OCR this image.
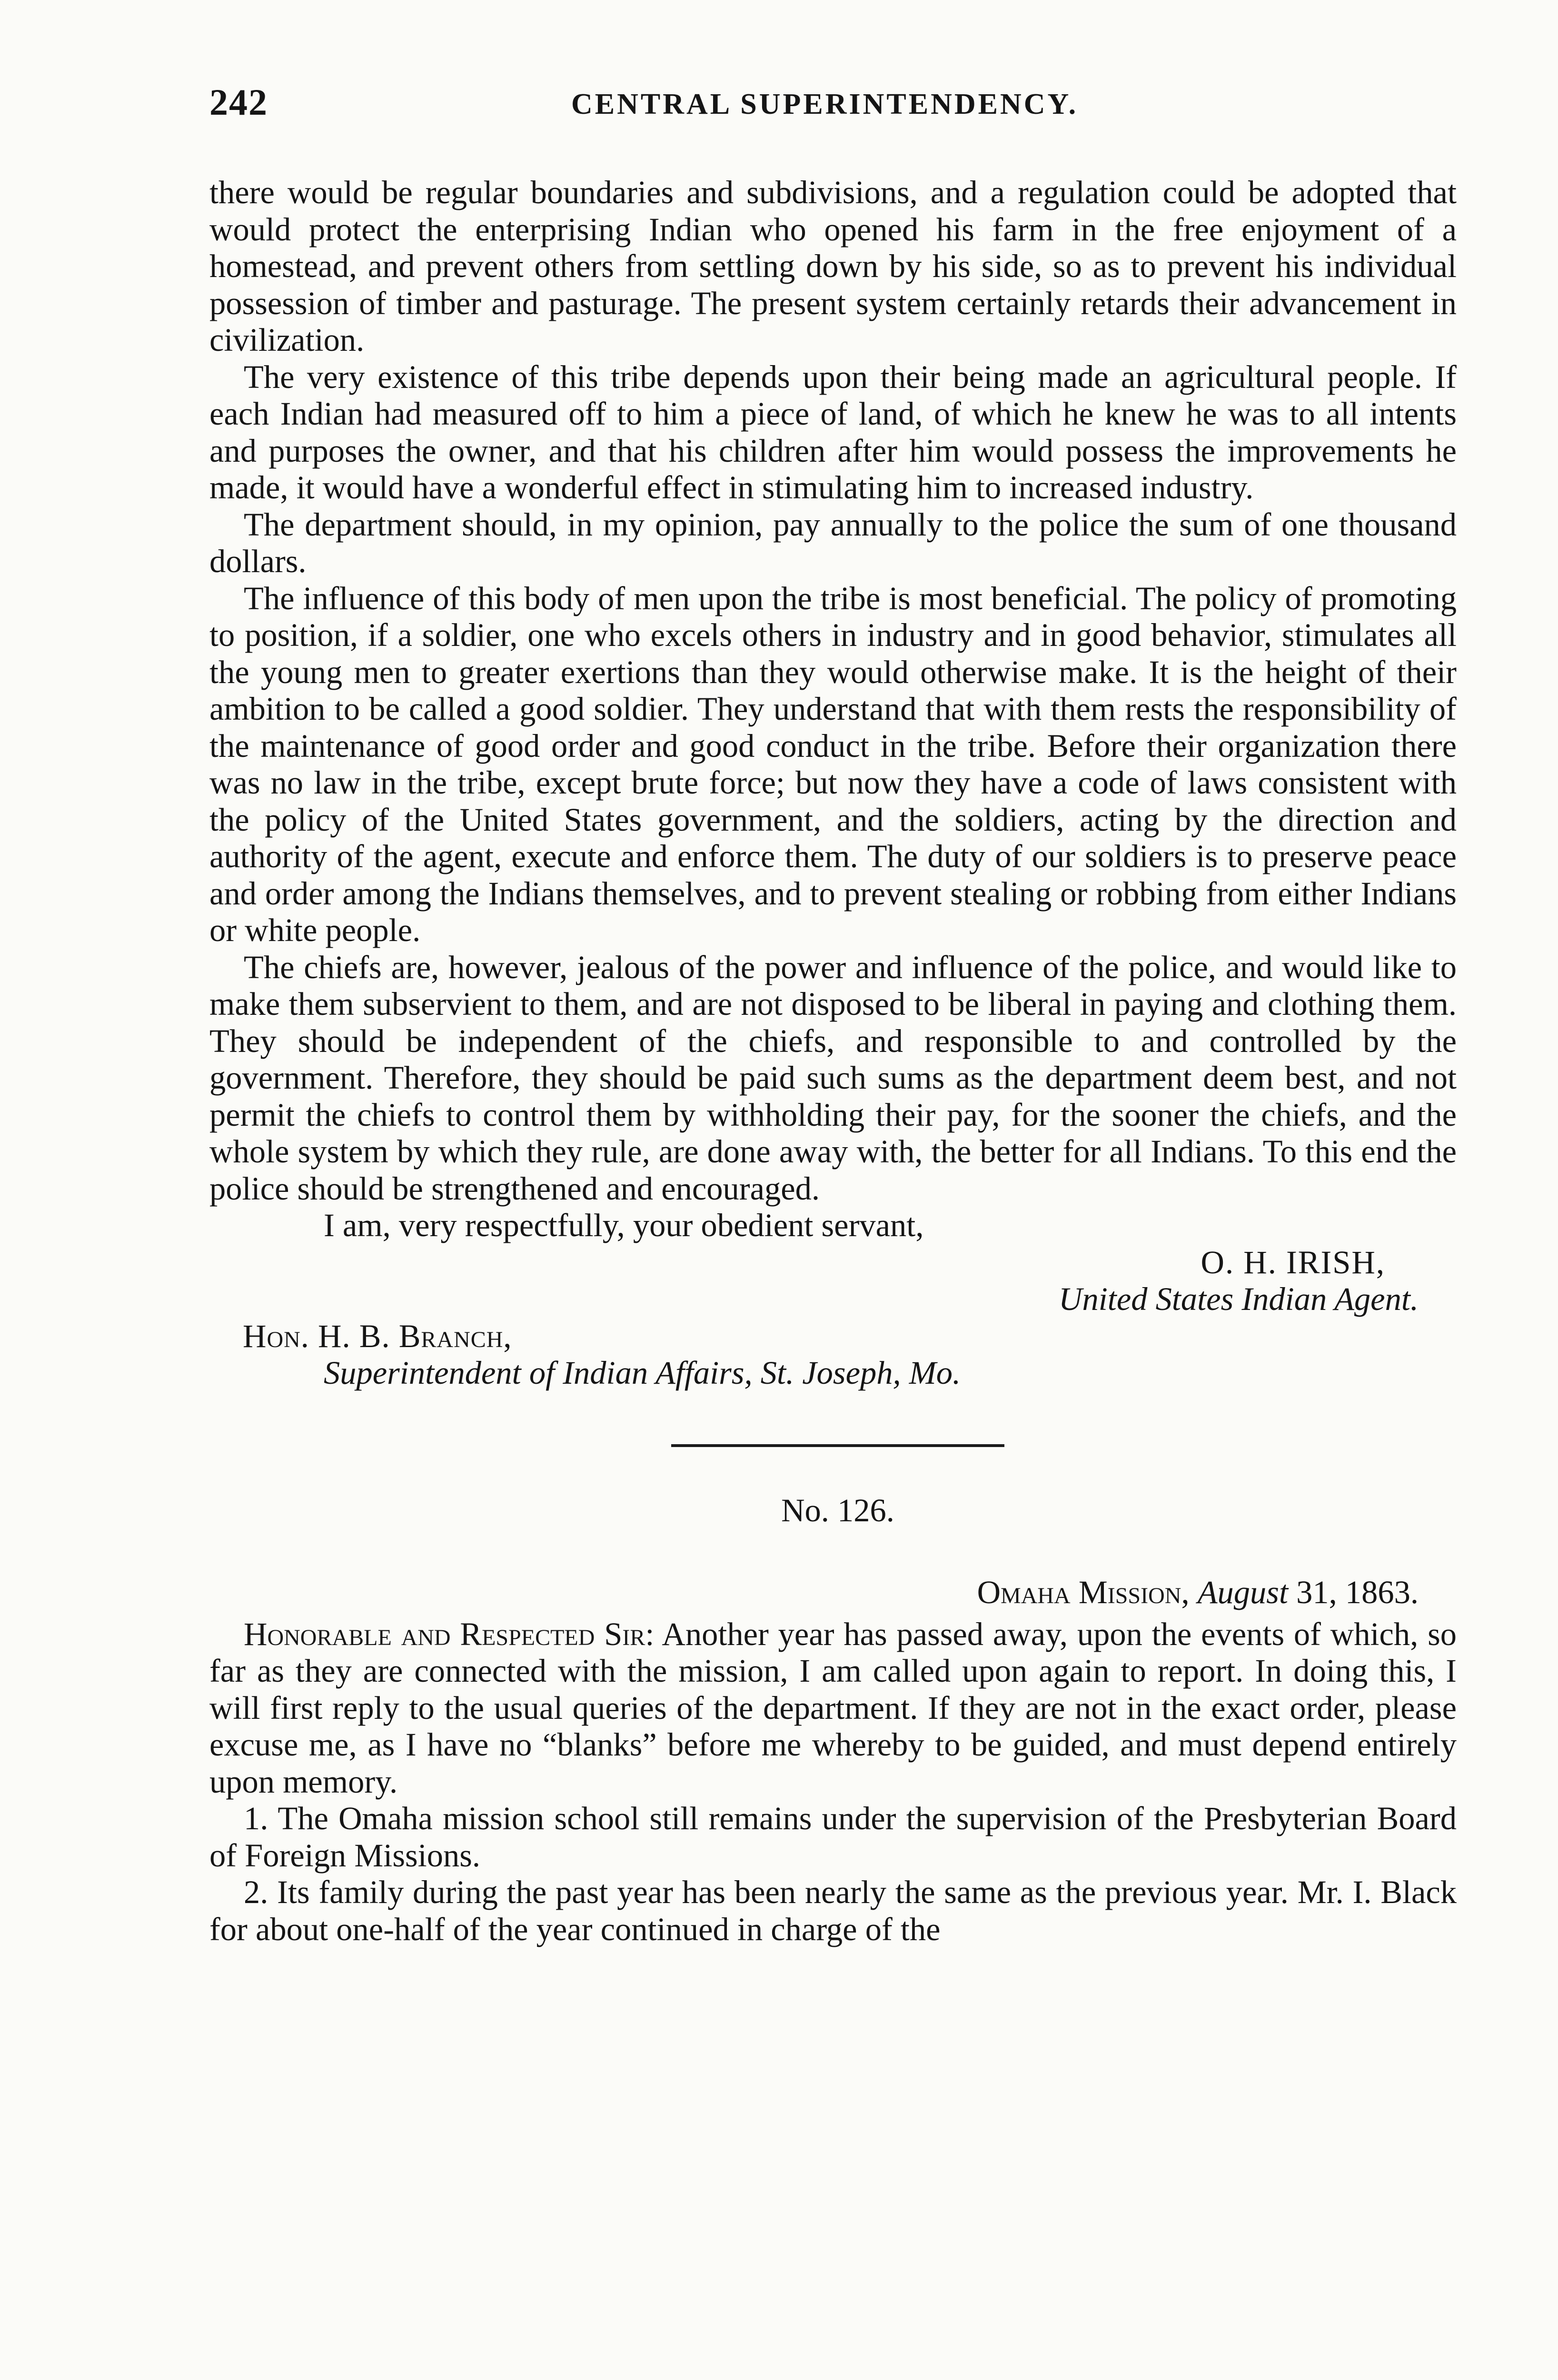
242	CENTRAL SUPERINTENDENCY.

there would be regular boundaries and subdivisions, and a regulation could be adopted that would protect the enterprising Indian who opened his farm in the free enjoyment of a homestead, and prevent others from settling down by his side, so as to prevent his individual possession of timber and pasturage. The present system certainly retards their advancement in civilization.

The very existence of this tribe depends upon their being made an agricultural people. If each Indian had measured off to him a piece of land, of which he knew he was to all intents and purposes the owner, and that his children after him would possess the improvements he made, it would have a wonderful effect in stimulating him to increased industry.

The department should, in my opinion, pay annually to the police the sum of one thousand dollars.

The influence of this body of men upon the tribe is most beneficial. The policy of promoting to position, if a soldier, one who excels others in industry and in good behavior, stimulates all the young men to greater exertions than they would otherwise make. It is the height of their ambition to be called a good soldier. They understand that with them rests the responsibility of the maintenance of good order and good conduct in the tribe. Before their organization there was no law in the tribe, except brute force; but now they have a code of laws consistent with the policy of the United States government, and the soldiers, acting by the direction and authority of the agent, execute and enforce them. The duty of our soldiers is to preserve peace and order among the Indians themselves, and to prevent stealing or robbing from either Indians or white people.

The chiefs are, however, jealous of the power and influence of the police, and would like to make them subservient to them, and are not disposed to be liberal in paying and clothing them. They should be independent of the chiefs, and responsible to and controlled by the government. Therefore, they should be paid such sums as the department deem best, and not permit the chiefs to control them by withholding their pay, for the sooner the chiefs, and the whole system by which they rule, are done away with, the better for all Indians. To this end the police should be strengthened and encouraged.

I am, very respectfully, your obedient servant,

O. H. IRISH,

United States Indian Agent.

Hon. H. B. Branch,

Superintendent of Indian Affairs, St. Joseph, Mo.

No. 126.

Omaha Mission, August 31, 1863.

Honorable and Respected Sir: Another year has passed away, upon the events of which, so far as they are connected with the mission, I am called upon again to report. In doing this, I will first reply to the usual queries of the department. If they are not in the exact order, please excuse me, as I have no “blanks” before me whereby to be guided, and must depend entirely upon memory.

1. The Omaha mission school still remains under the supervision of the Presbyterian Board of Foreign Missions.

2. Its family during the past year has been nearly the same as the previous year. Mr. I. Black for about one-half of the year continued in charge of the
